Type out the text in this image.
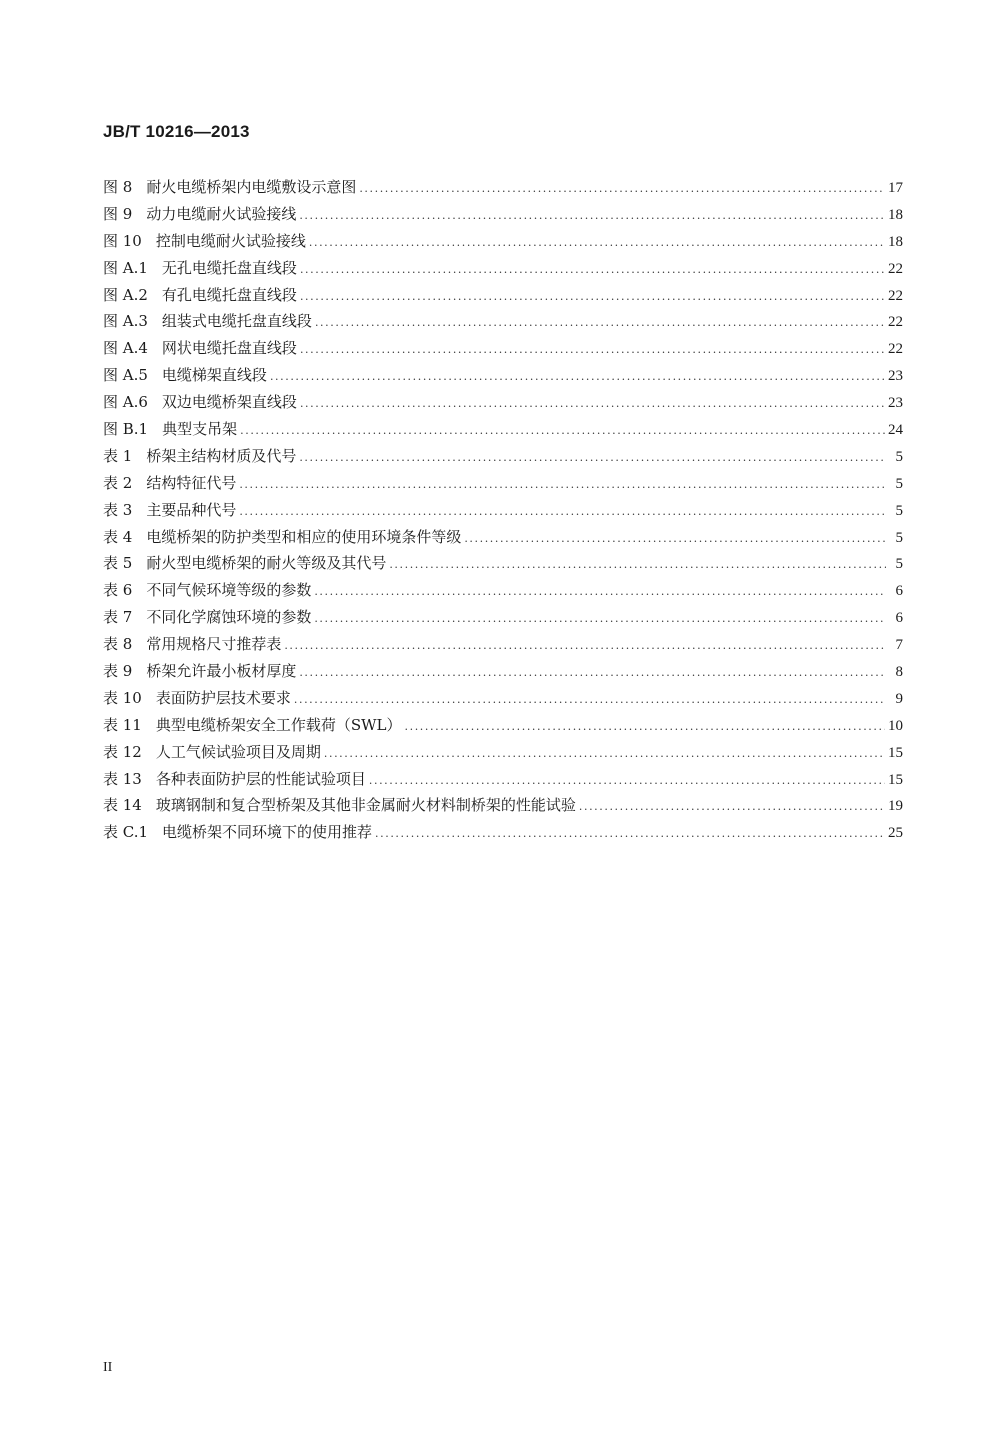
JB/T 10216—2013
图 8 耐火电缆桥架内电缆敷设示意图 .....	17
图 9 动力电缆耐火试验接线 .....	18
图 10 控制电缆耐火试验接线 .....	18
图 A.1 无孔电缆托盘直线段 .....	22
图 A.2 有孔电缆托盘直线段 .....	22
图 A.3 组装式电缆托盘直线段 .....	22
图 A.4 网状电缆托盘直线段 .....	22
图 A.5 电缆梯架直线段 .....	23
图 A.6 双边电缆桥架直线段 .....	23
图 B.1 典型支吊架 .....	24
表 1 桥架主结构材质及代号 .....	5
表 2 结构特征代号 .....	5
表 3 主要品种代号 .....	5
表 4 电缆桥架的防护类型和相应的使用环境条件等级 .....	5
表 5 耐火型电缆桥架的耐火等级及其代号 .....	5
表 6 不同气候环境等级的参数 .....	6
表 7 不同化学腐蚀环境的参数 .....	6
表 8 常用规格尺寸推荐表 .....	7
表 9 桥架允许最小板材厚度 .....	8
表 10 表面防护层技术要求 .....	9
表 11 典型电缆桥架安全工作载荷（SWL） .....	10
表 12 人工气候试验项目及周期 .....	15
表 13 各种表面防护层的性能试验项目 .....	15
表 14 玻璃钢制和复合型桥架及其他非金属耐火材料制桥架的性能试验 .....	19
表 C.1 电缆桥架不同环境下的使用推荐 .....	25
II
